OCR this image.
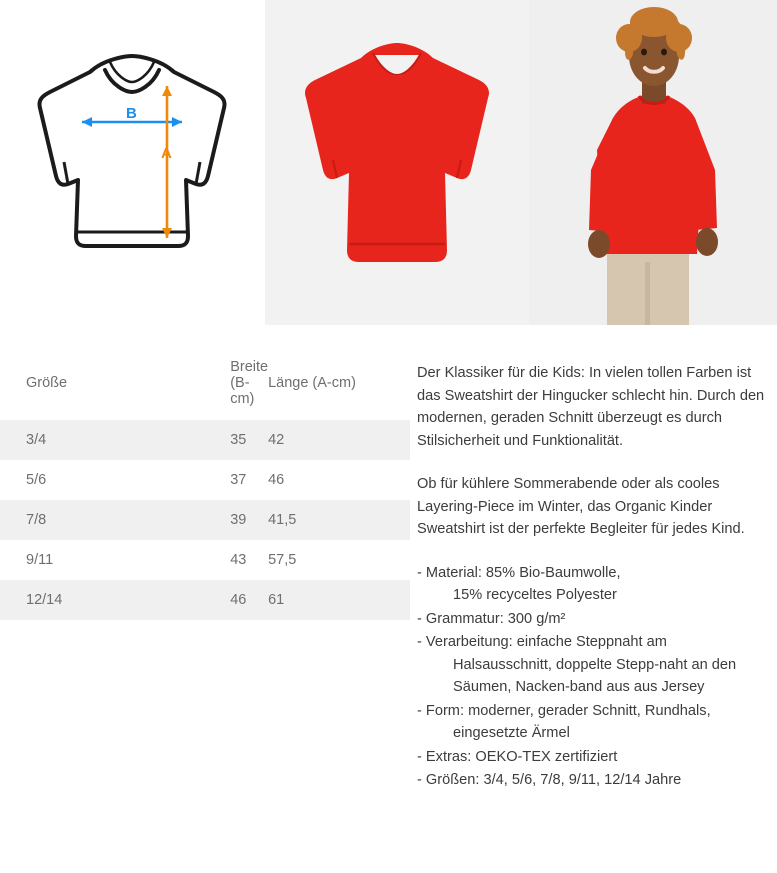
B
A
Größe	Breite (B-cm)	Länge (A-cm)
3/4	35	42
5/6	37	46
7/8	39	41,5
9/11	43	57,5
12/14	46	61

Der Klassiker für die Kids: In vielen tollen Farben ist das Sweatshirt der Hingucker schlecht hin. Durch den modernen, geraden Schnitt überzeugt es durch Stilsicherheit und Funktionalität.

Ob für kühlere Sommerabende oder als cooles Layering-Piece im Winter, das Organic Kinder Sweatshirt ist der perfekte Begleiter für jedes Kind.

- Material: 85% Bio-Baumwolle,
15% recyceltes Polyester
- Grammatur: 300 g/m²
- Verarbeitung: einfache Steppnaht am
Halsausschnitt, doppelte Stepp-naht an den Säumen, Nacken-band aus aus Jersey
- Form: moderner, gerader Schnitt, Rundhals,
eingesetzte Ärmel
- Extras: OEKO-TEX zertifiziert
- Größen: 3/4, 5/6, 7/8, 9/11, 12/14 Jahre
